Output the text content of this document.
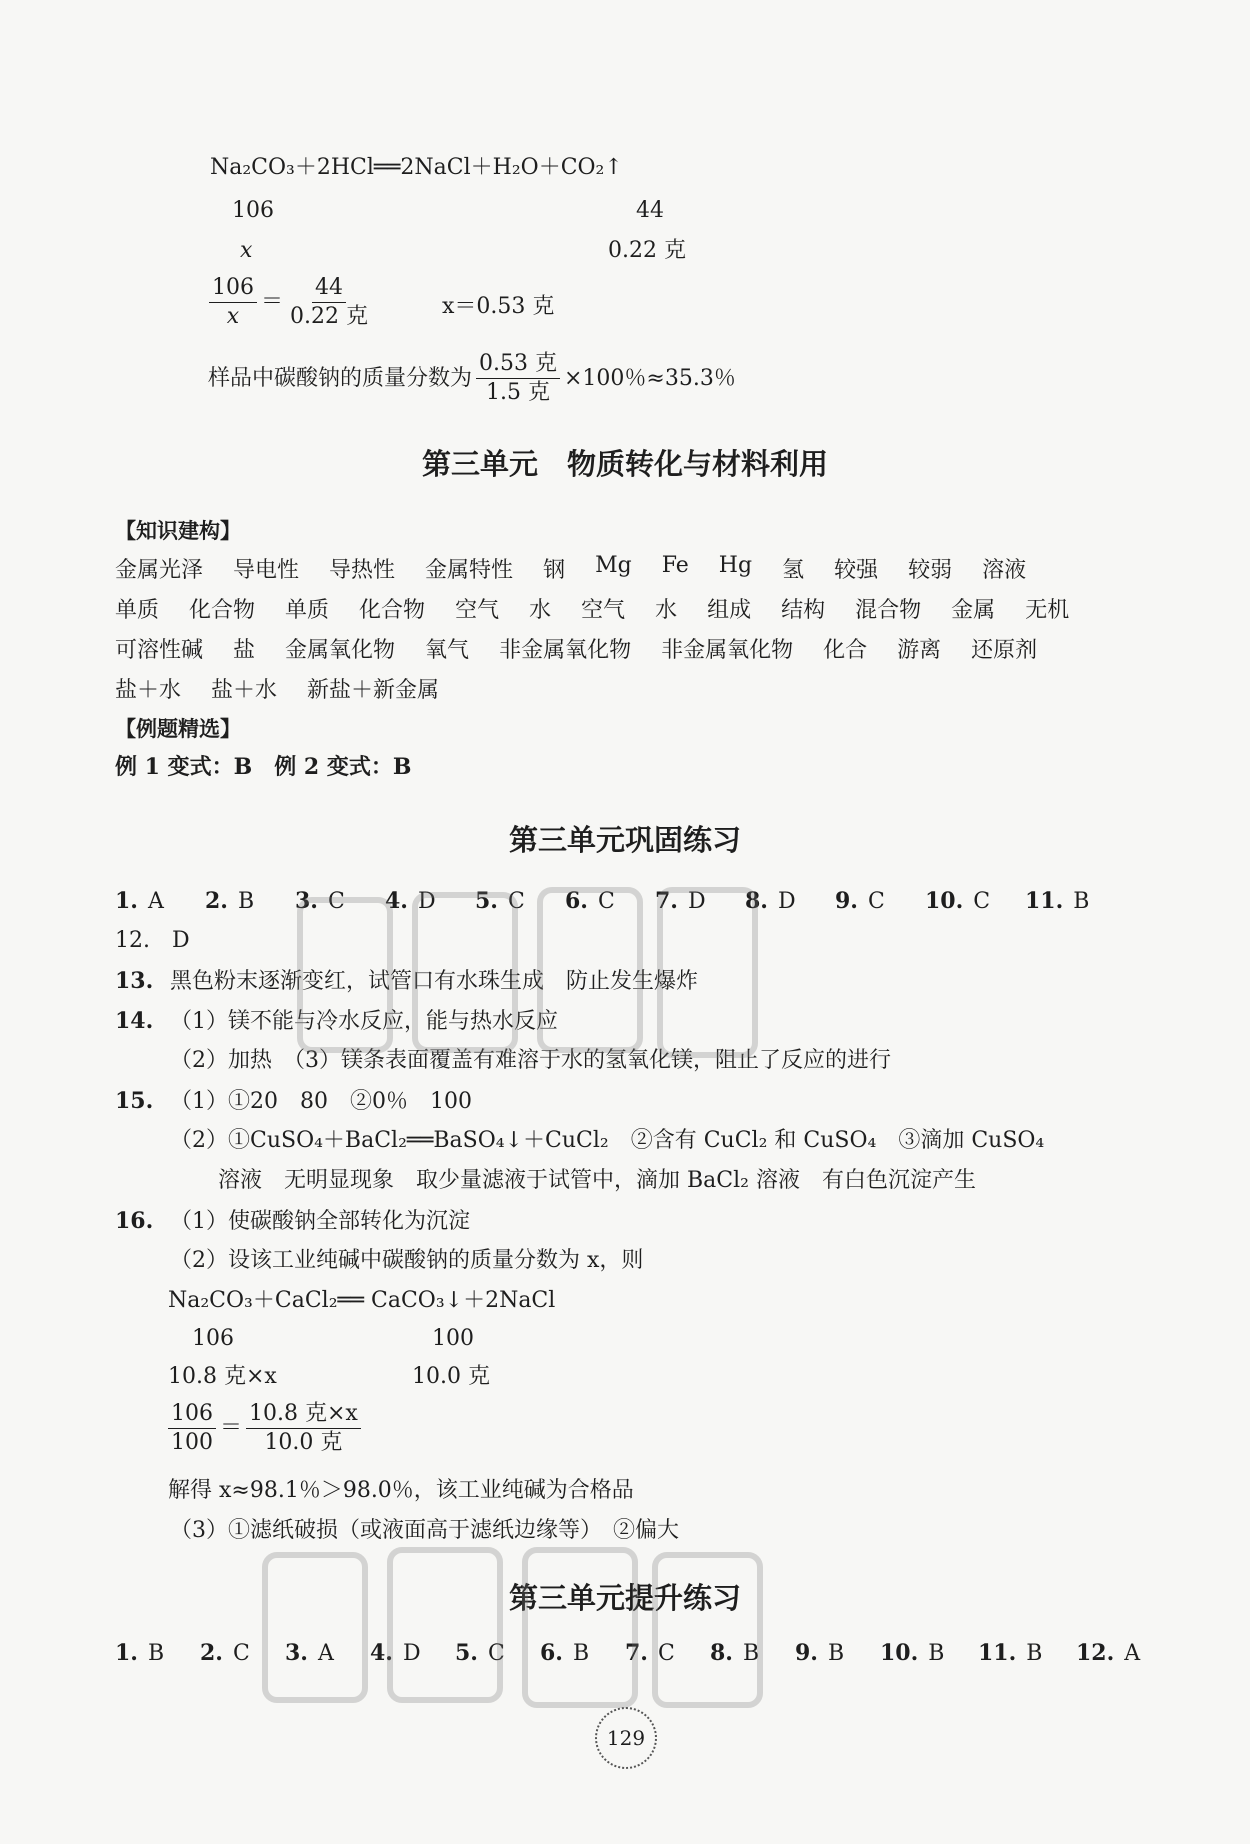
Na₂CO₃＋2HCl══2NaCl＋H₂O＋CO₂↑
106	44
x	0.22 克
$\frac{106}{x} = \frac{44}{\text{0.22 克}}$	x＝0.53 克
样品中碳酸钠的质量分数为 $\frac{\text{0.53 克}}{\text{1.5 克}} \times 100$％≈35.3％
第三单元　物质转化与材料利用
【知识建构】
金属光泽 导电性 导热性 金属特性 钢 Mg Fe Hg 氢 较强 较弱 溶液
单质 化合物 单质 化合物 空气 水 空气 水 组成 结构 混合物 金属 无机
可溶性碱 盐 金属氧化物 氧气 非金属氧化物 非金属氧化物 化合 游离 还原剂
盐＋水 盐＋水 新盐＋新金属
【例题精选】
例 1 变式：B　例 2 变式：B
第三单元巩固练习
1. A	2. B	3. C	4. D	5. C	6. C	7. D	8. D	9. C	10. C	11. B
12.　D
13. 黑色粉末逐渐变红，试管口有水珠生成　防止发生爆炸
14. （1）镁不能与冷水反应，能与热水反应
（2）加热　（3）镁条表面覆盖有难溶于水的氢氧化镁，阻止了反应的进行
15. （1）①20　80　②0％　100
（2）①CuSO₄＋BaCl₂══BaSO₄↓＋CuCl₂　②含有 CuCl₂ 和 CuSO₄　③滴加 CuSO₄
溶液　无明显现象　取少量滤液于试管中，滴加 BaCl₂ 溶液　有白色沉淀产生
16. （1）使碳酸钠全部转化为沉淀
（2）设该工业纯碱中碳酸钠的质量分数为 x，则
Na₂CO₃＋CaCl₂══ CaCO₃↓＋2NaCl
106	100
10.8 克×x	10.0 克
$\frac{106}{100} = \frac{\text{10.8 克×x}}{\text{10.0 克}}$
解得 x≈98.1％＞98.0％，该工业纯碱为合格品
（3）①滤纸破损（或液面高于滤纸边缘等）　②偏大
第三单元提升练习
1. B	2. C	3. A	4. D	5. C	6. B	7. C	8. B	9. B	10. B	11. B	12. A
129
